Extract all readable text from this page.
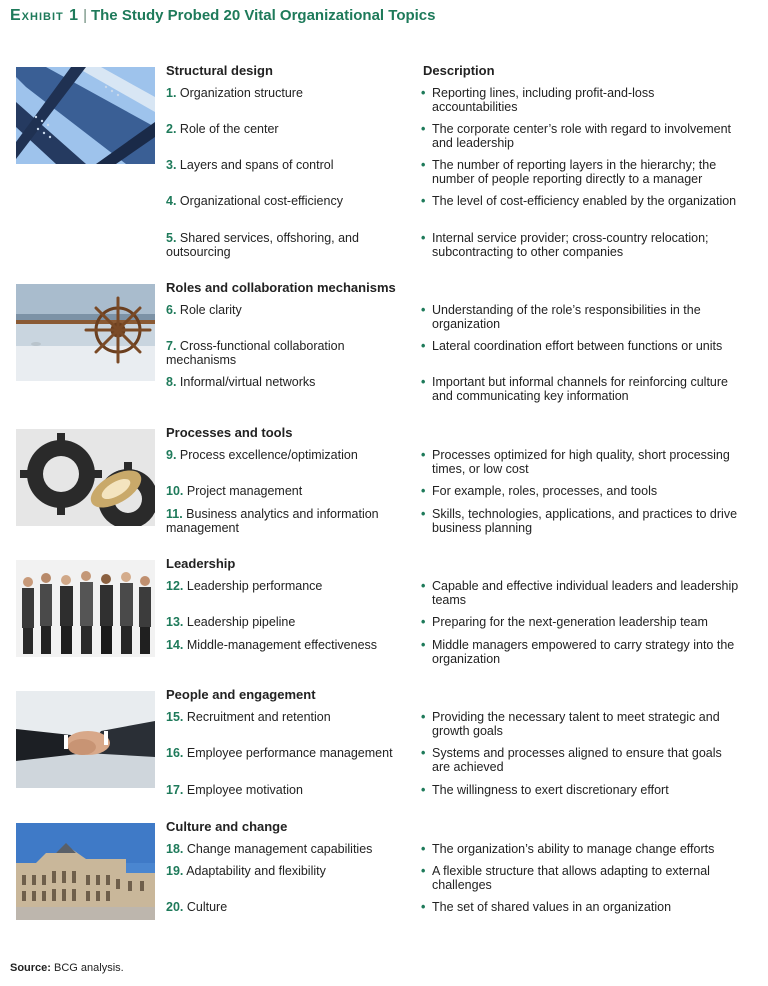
Exhibit 1 | The Study Probed 20 Vital Organizational Topics
Description
Structural design
1. Organization structure	• Reporting lines, including profit-and-loss accountabilities
2. Role of the center	• The corporate center’s role with regard to involvement and leadership
3. Layers and spans of control	• The number of reporting layers in the hierarchy; the number of people reporting directly to a manager
4. Organizational cost-efficiency	• The level of cost-efficiency enabled by the organization
5. Shared services, offshoring, and outsourcing
• Internal service provider; cross-country relocation; subcontracting to other companies
Roles and collaboration mechanisms
6. Role clarity	• Understanding of the role’s responsibilities in the organization
7. Cross-functional collaboration mechanisms
• Lateral coordination effort between functions or units
8. Informal/virtual networks	• Important but informal channels for reinforcing culture and communicating key information
Processes and tools
9. Process excellence/optimization	• Processes optimized for high quality, short processing times, or low cost
10. Project management	• For example, roles, processes, and tools
11. Business analytics and information management
• Skills, technologies, applications, and practices to drive business planning
Leadership
12. Leadership performance	• Capable and effective individual leaders and leadership teams
13. Leadership pipeline	• Preparing for the next-generation leadership team
14. Middle-management effectiveness	• Middle managers empowered to carry strategy into the organization
People and engagement
15. Recruitment and retention	• Providing the necessary talent to meet strategic and growth goals
16. Employee performance management	• Systems and processes aligned to ensure that goals are achieved
17. Employee motivation	• The willingness to exert discretionary effort
Culture and change
18. Change management capabilities	• The organization’s ability to manage change efforts
19. Adaptability and flexibility	• A flexible structure that allows adapting to external challenges
20. Culture	• The set of shared values in an organization
Source: BCG analysis.
